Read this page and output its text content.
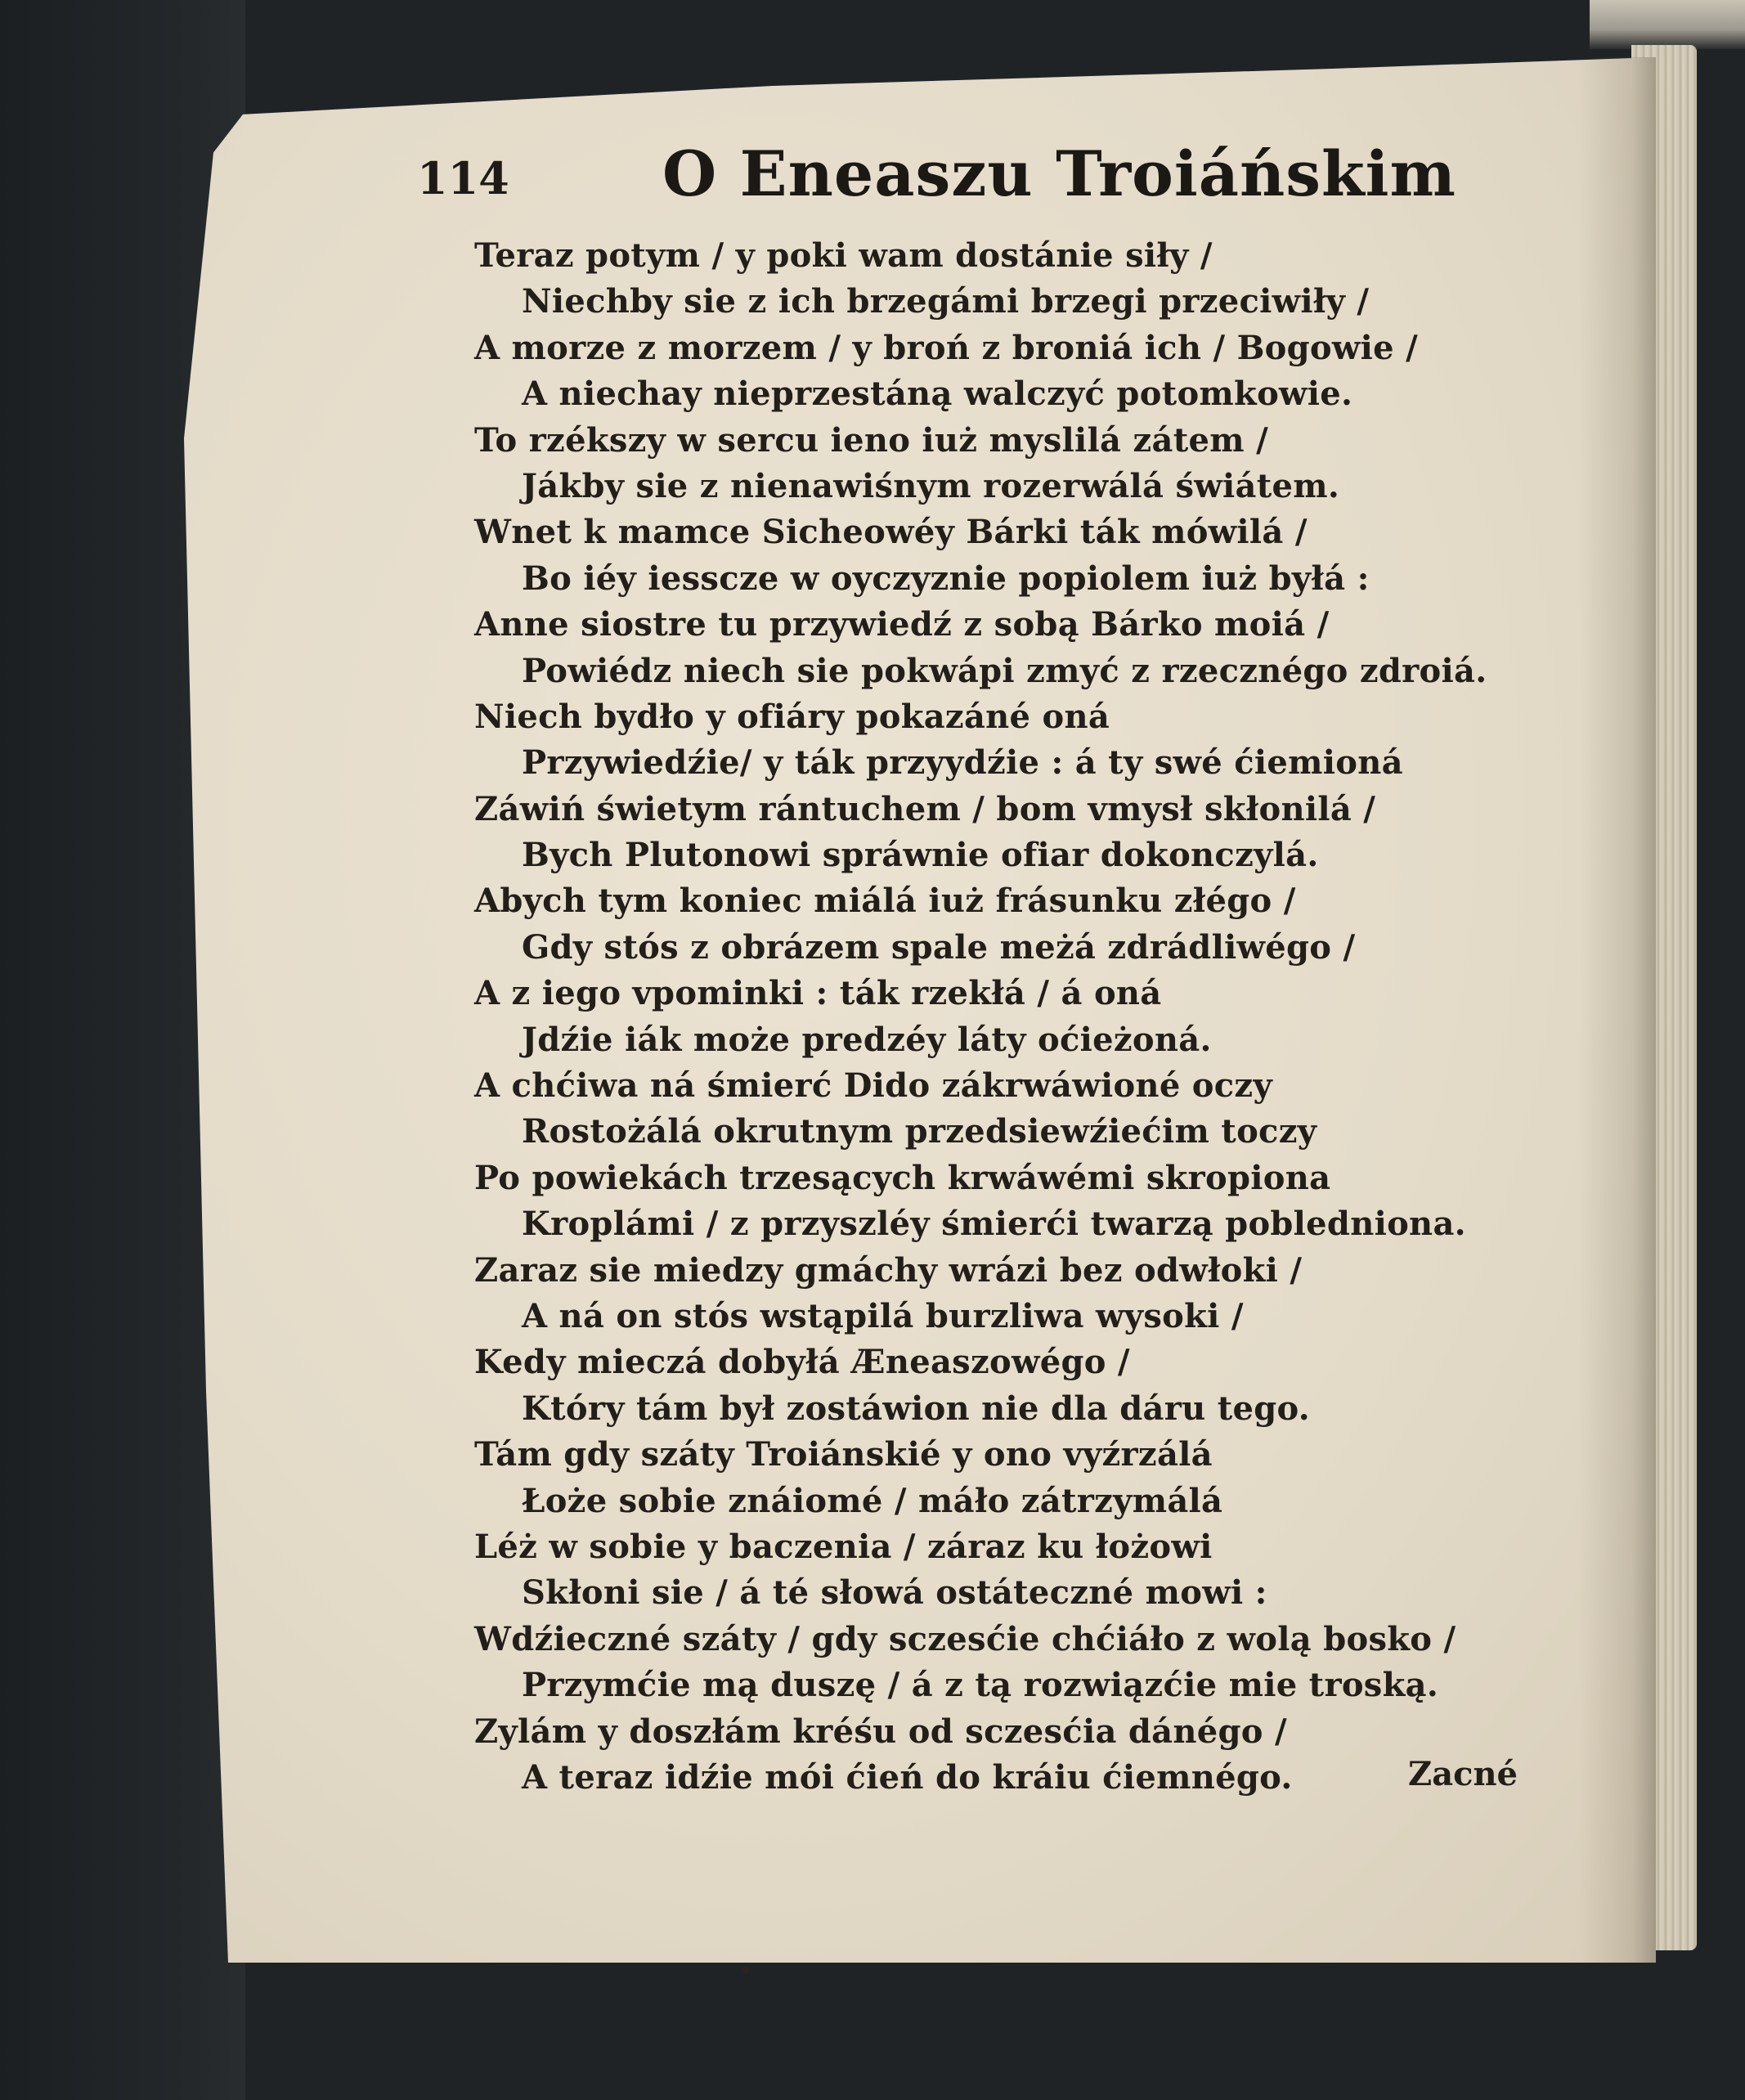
114 O Eneaszu Troiáńskim
Teraz potym / y poki wam dostánie siły /
Niechby sie z ich brzegámi brzegi przeciwiły /
A morze z morzem / y broń z broniá ich / Bogowie /
A niechay nieprzestáną walczyć potomkowie.
To rzékszy w sercu ieno iuż myslilá zátem /
Jákby sie z nienawiśnym rozerwálá świátem.
Wnet k mamce Sicheowéy Bárki ták mówilá /
Bo iéy iesscze w oyczyznie popiolem iuż byłá :
Anne siostre tu przywiedź z sobą Bárko moiá /
Powiédz niech sie pokwápi zmyć z rzecznégo zdroiá.
Niech bydło y ofiáry pokazáné oná
Przywiedźie/ y ták przyydźie : á ty swé ćiemioná
Záwiń świetym rántuchem / bom vmysł skłonilá /
Bych Plutonowi spráwnie ofiar dokonczylá.
Abych tym koniec miálá iuż frásunku złégo /
Gdy stós z obrázem spale meżá zdrádliwégo /
A z iego vpominki : ták rzekłá / á oná
Jdźie iák może predzéy láty oćieżoná.
A chćiwa ná śmierć Dido zákrwáwioné oczy
Rostożálá okrutnym przedsiewźiećim toczy
Po powiekách trzesących krwáwémi skropiona
Kroplámi / z przyszléy śmierći twarzą pobledniona.
Zaraz sie miedzy gmáchy wrázi bez odwłoki /
A ná on stós wstąpilá burzliwa wysoki /
Kedy mieczá dobyłá Æneaszowégo /
Który tám był zostáwion nie dla dáru tego.
Tám gdy száty Troiánskié y ono vyźrzálá
Łoże sobie znáiomé / máło zátrzymálá
Léż w sobie y baczenia / záraz ku łożowi
Skłoni sie / á té słowá ostáteczné mowi :
Wdźieczné száty / gdy sczesćie chćiáło z wolą bosko /
Przymćie mą duszę / á z tą rozwiązćie mie troską.
Zylám y doszłám kréśu od sczesćia dánégo /
A teraz idźie mói ćień do kráiu ćiemnégo.	Zacné
